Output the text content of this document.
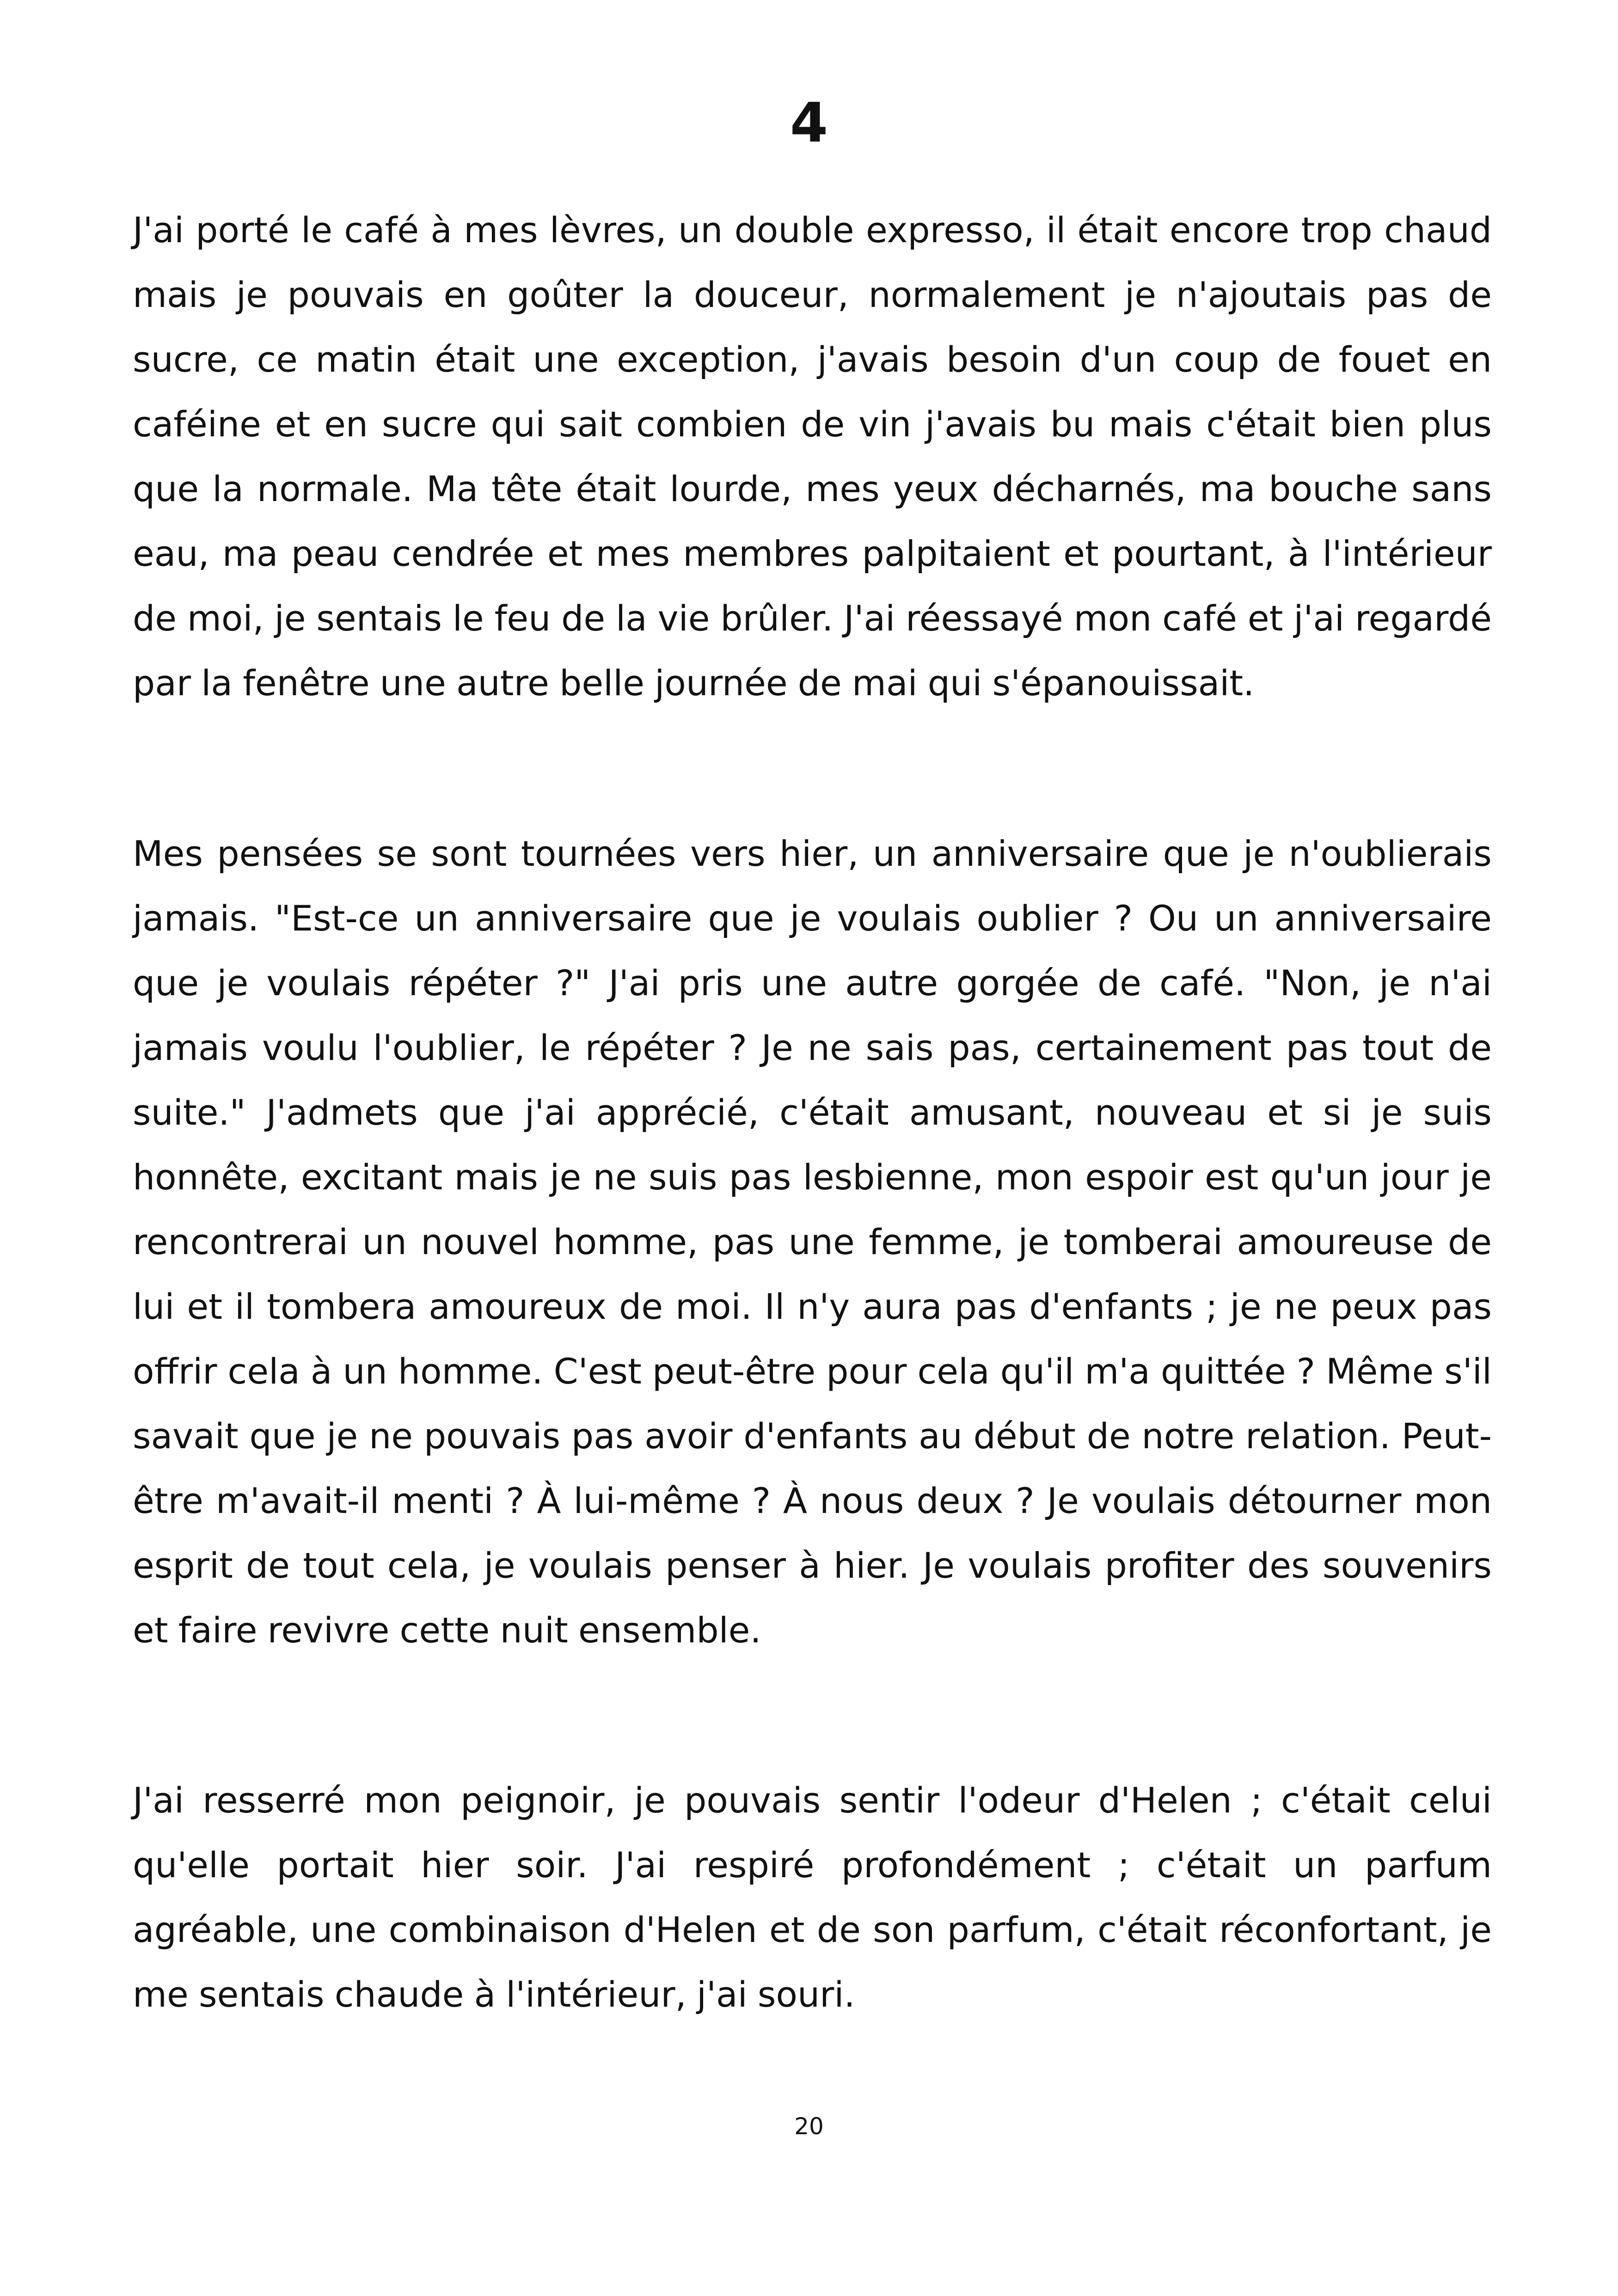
4

J'ai porté le café à mes lèvres, un double expresso, il était encore trop chaud mais je pouvais en goûter la douceur, normalement je n'ajoutais pas de sucre, ce matin était une exception, j'avais besoin d'un coup de fouet en caféine et en sucre qui sait combien de vin j'avais bu mais c'était bien plus que la normale. Ma tête était lourde, mes yeux décharnés, ma bouche sans eau, ma peau cendrée et mes membres palpitaient et pourtant, à l'intérieur de moi, je sentais le feu de la vie brûler. J'ai réessayé mon café et j'ai regardé par la fenêtre une autre belle journée de mai qui s'épanouissait.

Mes pensées se sont tournées vers hier, un anniversaire que je n'oublierais jamais. "Est-ce un anniversaire que je voulais oublier ? Ou un anniversaire que je voulais répéter ?" J'ai pris une autre gorgée de café. "Non, je n'ai jamais voulu l'oublier, le répéter ? Je ne sais pas, certainement pas tout de suite." J'admets que j'ai apprécié, c'était amusant, nouveau et si je suis honnête, excitant mais je ne suis pas lesbienne, mon espoir est qu'un jour je rencontrerai un nouvel homme, pas une femme, je tomberai amoureuse de lui et il tombera amoureux de moi. Il n'y aura pas d'enfants ; je ne peux pas offrir cela à un homme. C'est peut-être pour cela qu'il m'a quittée ? Même s'il savait que je ne pouvais pas avoir d'enfants au début de notre relation. Peut-être m'avait-il menti ? À lui-même ? À nous deux ? Je voulais détourner mon esprit de tout cela, je voulais penser à hier. Je voulais profiter des souvenirs et faire revivre cette nuit ensemble.

J'ai resserré mon peignoir, je pouvais sentir l'odeur d'Helen ; c'était celui qu'elle portait hier soir. J'ai respiré profondément ; c'était un parfum agréable, une combinaison d'Helen et de son parfum, c'était réconfortant, je me sentais chaude à l'intérieur, j'ai souri.

20
